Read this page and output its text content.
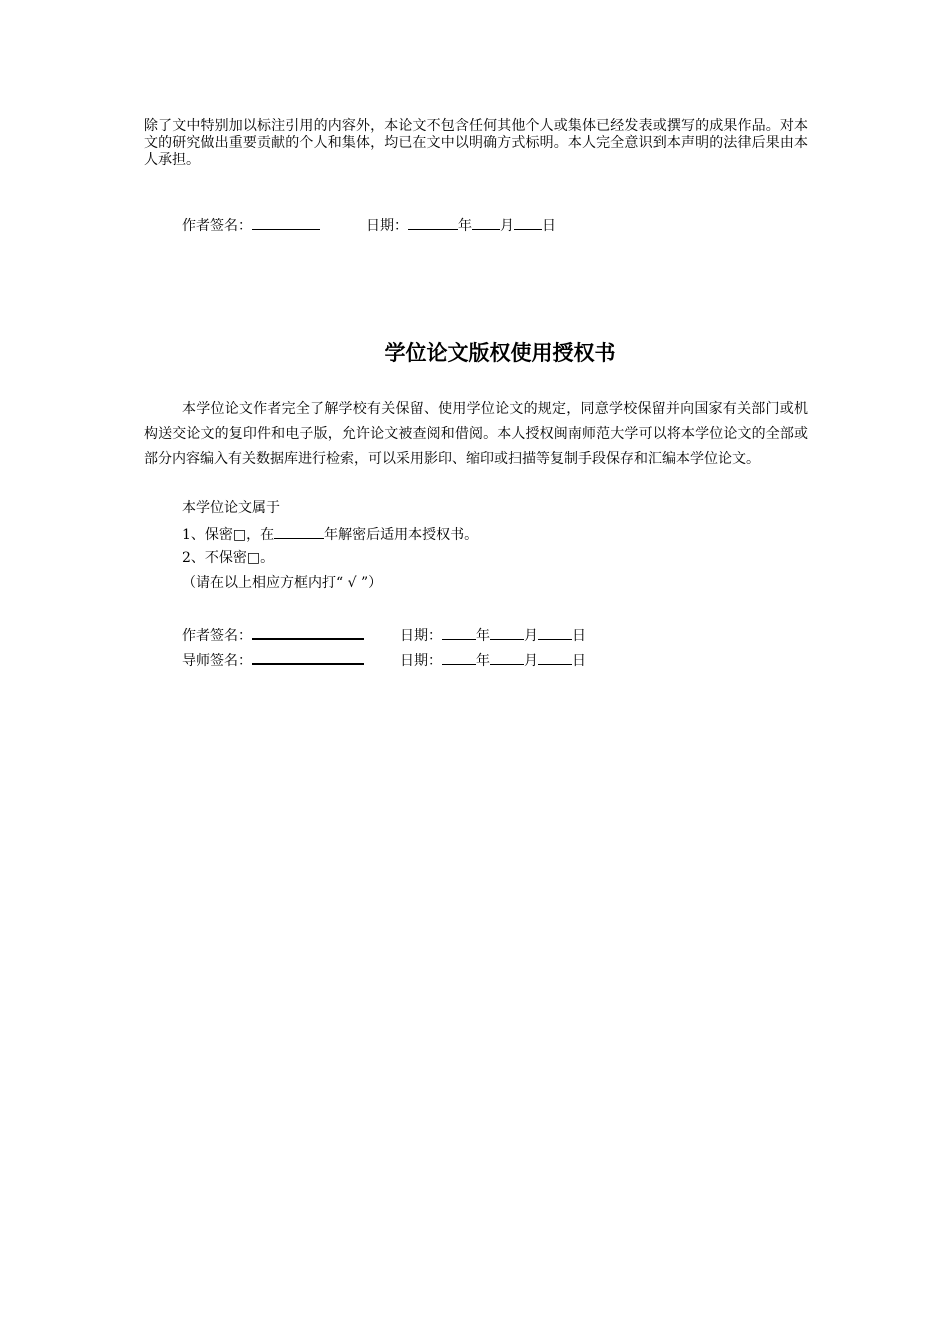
除了文中特别加以标注引用的内容外，本论文不包含任何其他个人或集体已经发表或撰写的成果作品。对本文的研究做出重要贡献的个人和集体，均已在文中以明确方式标明。本人完全意识到本声明的法律后果由本人承担。
作者签名：	日期：	年 月 日
学位论文版权使用授权书
本学位论文作者完全了解学校有关保留、使用学位论文的规定，同意学校保留并向国家有关部门或机构送交论文的复印件和电子版，允许论文被查阅和借阅。本人授权闽南师范大学可以将本学位论文的全部或部分内容编入有关数据库进行检索，可以采用影印、缩印或扫描等复制手段保存和汇编本学位论文。
本学位论文属于
1、保密□，在	年解密后适用本授权书。
2、不保密□。
（请在以上相应方框内打“ √ ”）
作者签名：	日期： 年 月 日
导师签名：	日期： 年 月 日
